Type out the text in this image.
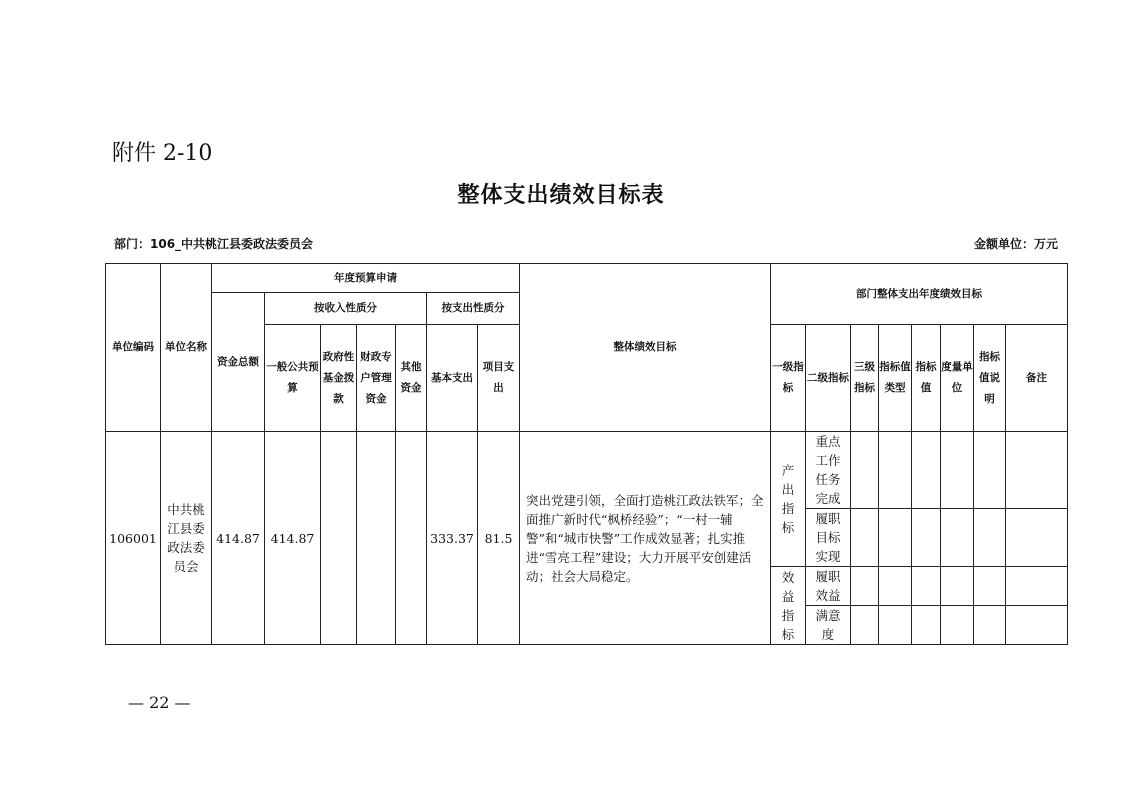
附件 2-10
整体支出绩效目标表
部门：106_中共桃江县委政法委员会	金额单位：万元
单位编码	单位名称	年度预算申请							整体绩效目标	部门整体支出年度绩效目标							
		资金总额	按收入性质分				按支出性质分										
			一般公共预算	政府性基金拨款	财政专户管理资金	其他资金	基本支出	项目支出									
										一级指标	二级指标	三级指标	指标值类型	指标值	度量单位	指标值说明	备注
106001	中共桃江县委政法委员会	414.87	414.87				333.37	81.5	突出党建引领，全面打造桃江政法铁军；全面推广新时代“枫桥经验”；“一村一辅警”和“城市快警”工作成效显著；扎实推进“雪亮工程”建设；大力开展平安创建活动；社会大局稳定。	产出指标	重点工作任务完成						
											履职目标实现						
										效益指标	履职效益						
											满意度						
— 22 —
